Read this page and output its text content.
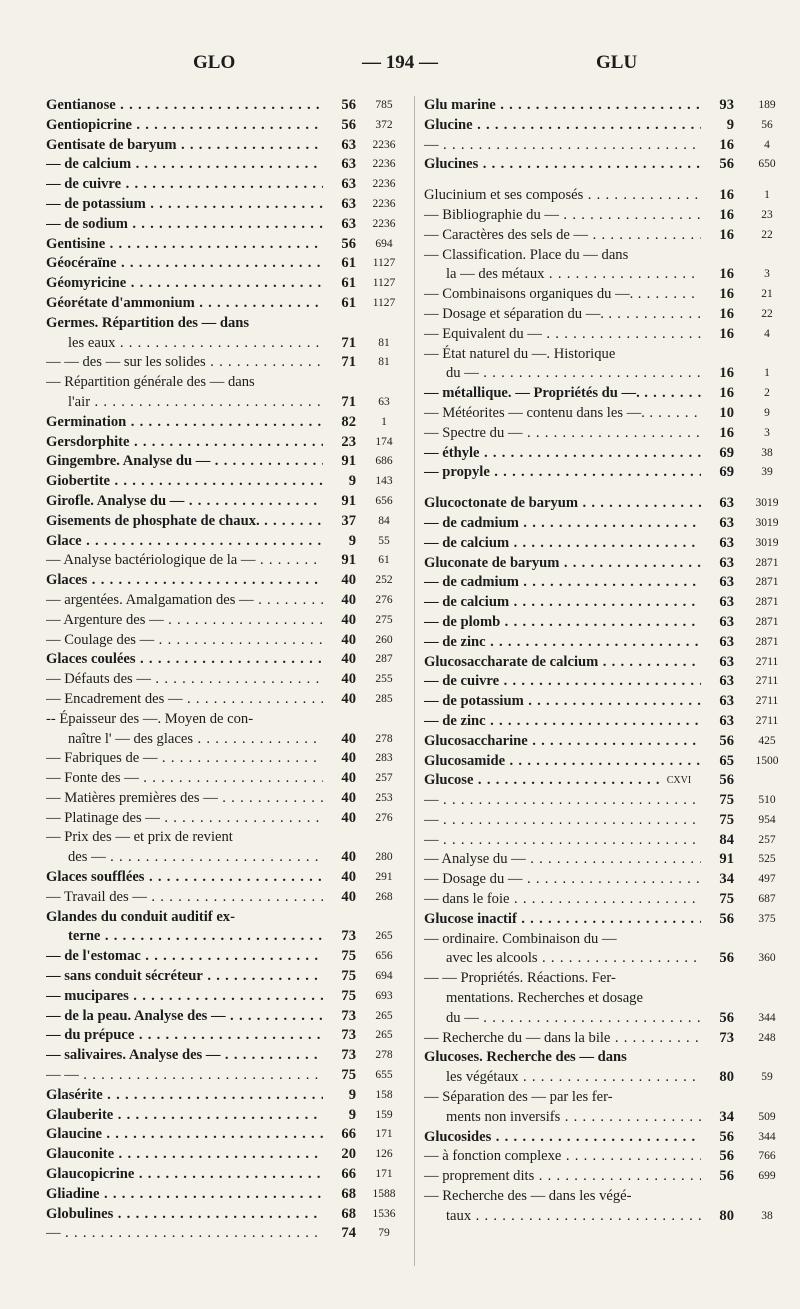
GLO	— 194 —	GLU
Gentianose . . .	56	785
Gentiopicrine . . .	56	372
Gentisate de baryum . . .	63	2236
— de calcium . . .	63	2236
— de cuivre . . .	63	2236
— de potassium . . .	63	2236
— de sodium . . .	63	2236
Gentisine . . .	56	694
Géocéraïne . . .	61	1127
Géomyricine . . .	61	1127
Géorétate d'ammonium . . .	61	1127
Germes. Répartition des — dans
les eaux . . .	71	81
— — des — sur les solides . . .	71	81
— Répartition générale des — dans
l'air . . .	71	63
Germination . . .	82	1
Gersdorphite . . .	23	174
Gingembre. Analyse du — . . .	91	686
Giobertite . . .	9	143
Girofle. Analyse du — . . .	91	656
Gisements de phosphate de chaux. . . .	37	84
Glace . . .	9	55
— Analyse bactériologique de la — . . .	91	61
Glaces . . .	40	252
— argentées. Amalgamation des — . . .	40	276
— Argenture des — . . .	40	275
— Coulage des — . . .	40	260
Glaces coulées . . .	40	287
— Défauts des — . . .	40	255
— Encadrement des — . . .	40	285
-- Épaisseur des —. Moyen de con-
naître l' — des glaces . . .	40	278
— Fabriques de — . . .	40	283
— Fonte des — . . .	40	257
— Matières premières des — . . .	40	253
— Platinage des — . . .	40	276
— Prix des — et prix de revient
des — . . .	40	280
Glaces soufflées . . .	40	291
— Travail des — . . .	40	268
Glandes du conduit auditif ex-
terne . . .	73	265
— de l'estomac . . .	75	656
— sans conduit sécréteur . . .	75	694
— mucipares . . .	75	693
— de la peau. Analyse des — . . .	73	265
— du prépuce . . .	73	265
— salivaires. Analyse des — . . .	73	278
— — . . .	75	655
Glasérite . . .	9	158
Glauberite . . .	9	159
Glaucine . . .	66	171
Glauconite . . .	20	126
Glaucopicrine . . .	66	171
Gliadine . . .	68	1588
Globulines . . .	68	1536
— . . .	74	79
Glu marine . . .	93	189
Glucine . . .	9	56
— . . .	16	4
Glucines . . .	56	650
Glucinium et ses composés . . .	16	1
— Bibliographie du — . . .	16	23
— Caractères des sels de — . . .	16	22
— Classification. Place du — dans
la — des métaux . . .	16	3
— Combinaisons organiques du —. . . .	16	21
— Dosage et séparation du —. . . .	16	22
— Equivalent du — . . .	16	4
— État naturel du —. Historique
du — . . .	16	1
— métallique. — Propriétés du —. . . .	16	2
— Météorites — contenu dans les —. . . .	10	9
— Spectre du — . . .	16	3
— éthyle . . .	69	38
— propyle . . .	69	39
Glucoctonate de baryum . . .	63	3019
— de cadmium . . .	63	3019
— de calcium . . .	63	3019
Gluconate de baryum . . .	63	2871
— de cadmium . . .	63	2871
— de calcium . . .	63	2871
— de plomb . . .	63	2871
— de zinc . . .	63	2871
Glucosaccharate de calcium . . .	63	2711
— de cuivre . . .	63	2711
— de potassium . . .	63	2711
— de zinc . . .	63	2711
Glucosaccharine . . .	56	425
Glucosamide . . .	65	1500
Glucose . . .	56
CXVI
— . . .	75	510
— . . .	75	954
— . . .	84	257
— Analyse du — . . .	91	525
— Dosage du — . . .	34	497
— dans le foie . . .	75	687
Glucose inactif . . .	56	375
— ordinaire. Combinaison du —
avec les alcools . . .	56	360
— — Propriétés. Réactions. Fer-
mentations. Recherches et dosage
du — . . .	56	344
— Recherche du — dans la bile . . .	73	248
Glucoses. Recherche des — dans
les végétaux . . .	80	59
— Séparation des — par les fer-
ments non inversifs . . .	34	509
Glucosides . . .	56	344
— à fonction complexe . . .	56	766
— proprement dits . . .	56	699
— Recherche des — dans les végé-
taux . . .	80	38
